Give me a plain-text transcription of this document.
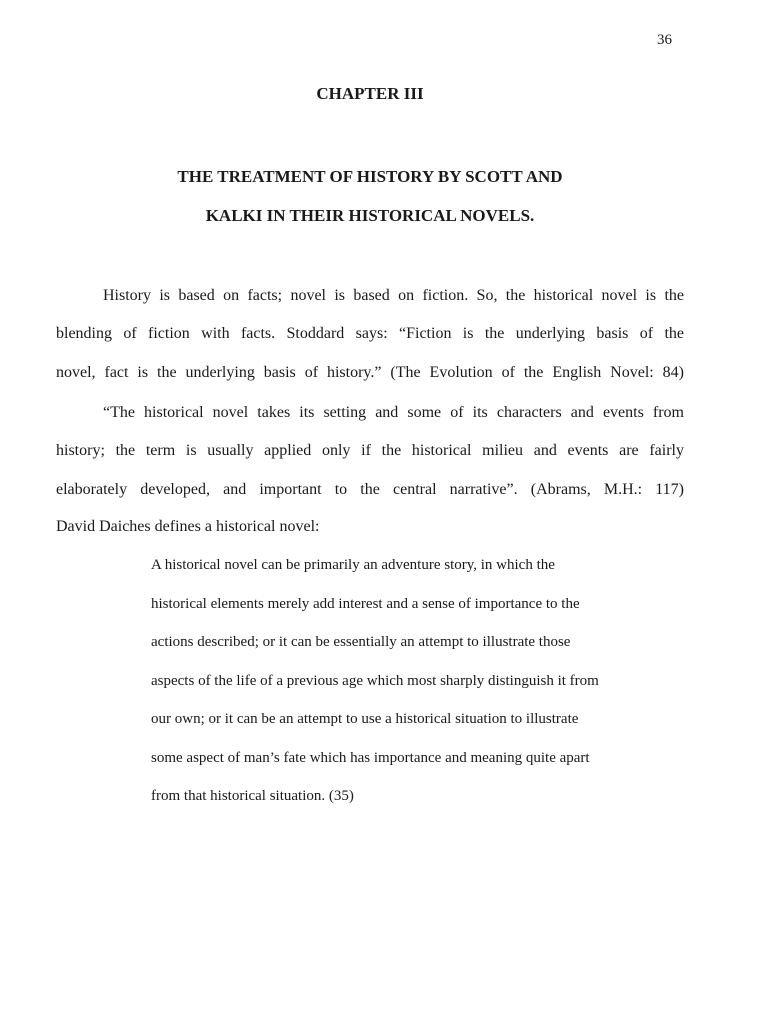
36
CHAPTER III
THE TREATMENT OF HISTORY BY SCOTT AND
KALKI IN THEIR HISTORICAL NOVELS.
History is based on facts; novel is based on fiction. So, the historical novel is the
blending of fiction with facts. Stoddard says: “Fiction is the underlying basis of the
novel, fact is the underlying basis of history.” (The Evolution of the English Novel: 84)
“The historical novel takes its setting and some of its characters and events from
history; the term is usually applied only if the historical milieu and events are fairly
elaborately developed, and important to the central narrative”. (Abrams, M.H.: 117)
David Daiches defines a historical novel:
A historical novel can be primarily an adventure story, in which the
historical elements merely add interest and a sense of importance to the
actions described; or it can be essentially an attempt to illustrate those
aspects of the life of a previous age which most sharply distinguish it from
our own; or it can be an attempt to use a historical situation to illustrate
some aspect of man’s fate which has importance and meaning quite apart
from that historical situation. (35)
